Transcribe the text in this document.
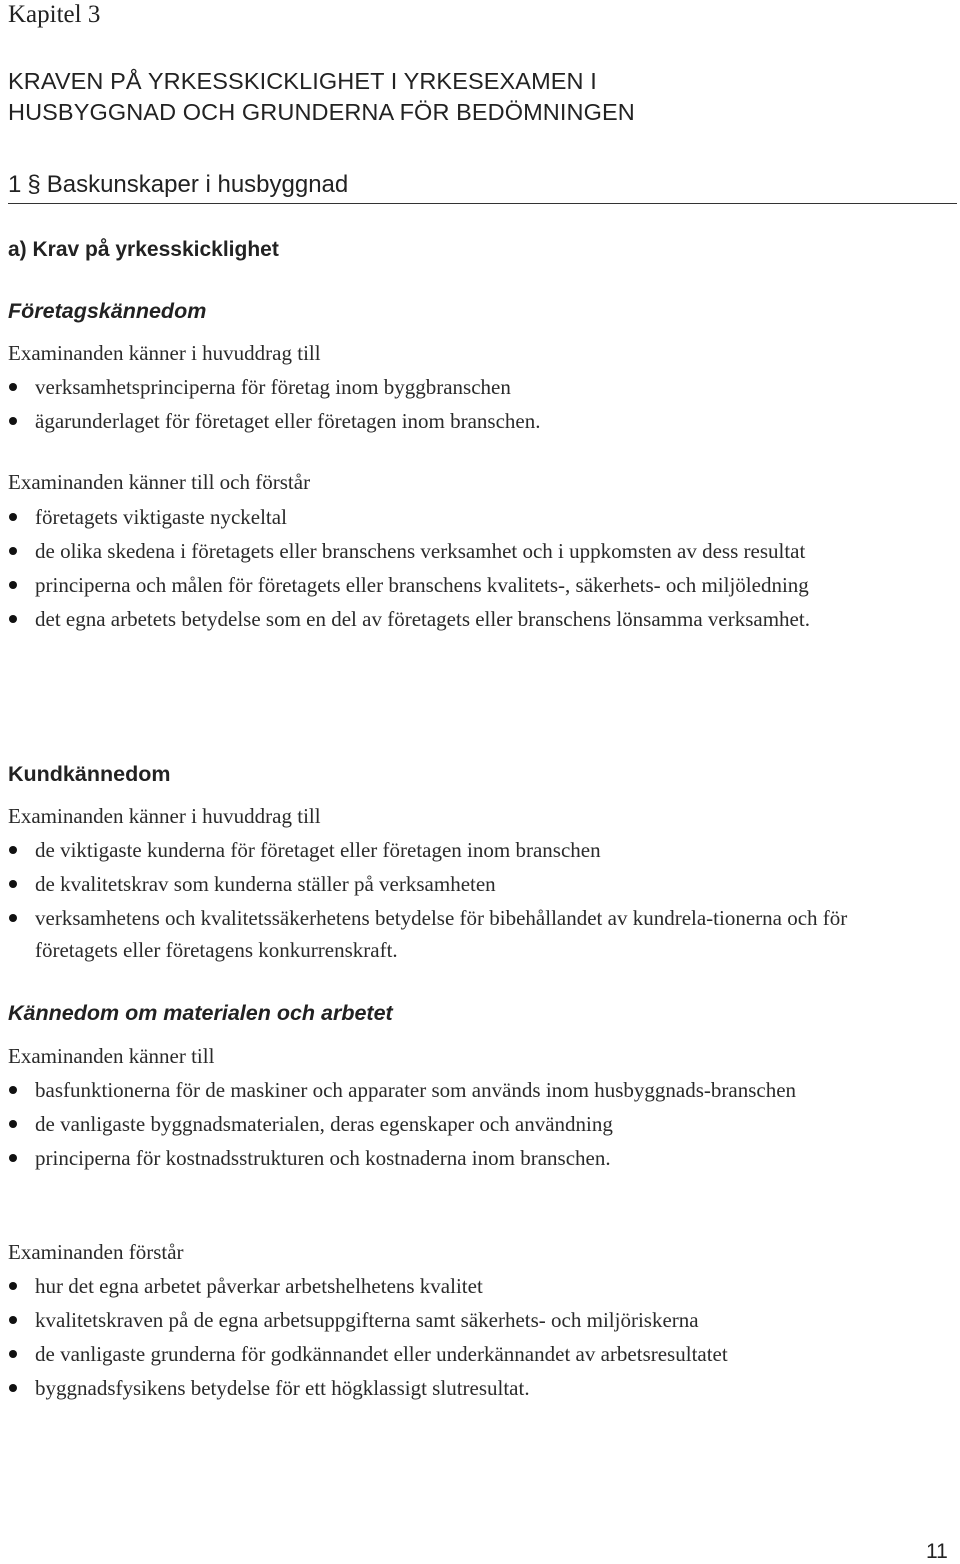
Kapitel 3
KRAVEN PÅ YRKESSKICKLIGHET I YRKESEXAMEN I
HUSBYGGNAD OCH GRUNDERNA FÖR BEDÖMNINGEN
1 § Baskunskaper i husbyggnad
a) Krav på yrkesskicklighet
Företagskännedom
Examinanden känner i huvuddrag till
verksamhetsprinciperna för företag inom byggbranschen
ägarunderlaget för företaget eller företagen inom branschen.
Examinanden känner till och förstår
företagets viktigaste nyckeltal
de olika skedena i företagets eller branschens verksamhet och i uppkomsten av dess resultat
principerna och målen för företagets eller branschens kvalitets-, säkerhets- och miljöledning
det egna arbetets betydelse som en del av företagets eller branschens lönsamma verksamhet.
Kundkännedom
Examinanden känner i huvuddrag till
de viktigaste kunderna för företaget eller företagen inom branschen
de kvalitetskrav som kunderna ställer på verksamheten
verksamhetens och kvalitetssäkerhetens betydelse för bibehållandet av kundrela-tionerna och för företagets eller företagens konkurrenskraft.
Kännedom om materialen och arbetet
Examinanden känner till
basfunktionerna för de maskiner och apparater som används inom husbyggnads-branschen
de vanligaste byggnadsmaterialen, deras egenskaper och användning
principerna för kostnadsstrukturen och kostnaderna inom branschen.
Examinanden förstår
hur det egna arbetet påverkar arbetshelhetens kvalitet
kvalitetskraven på de egna arbetsuppgifterna samt säkerhets- och miljöriskerna
de vanligaste grunderna för godkännandet eller underkännandet av arbetsresultatet
byggnadsfysikens betydelse för ett högklassigt slutresultat.
11
